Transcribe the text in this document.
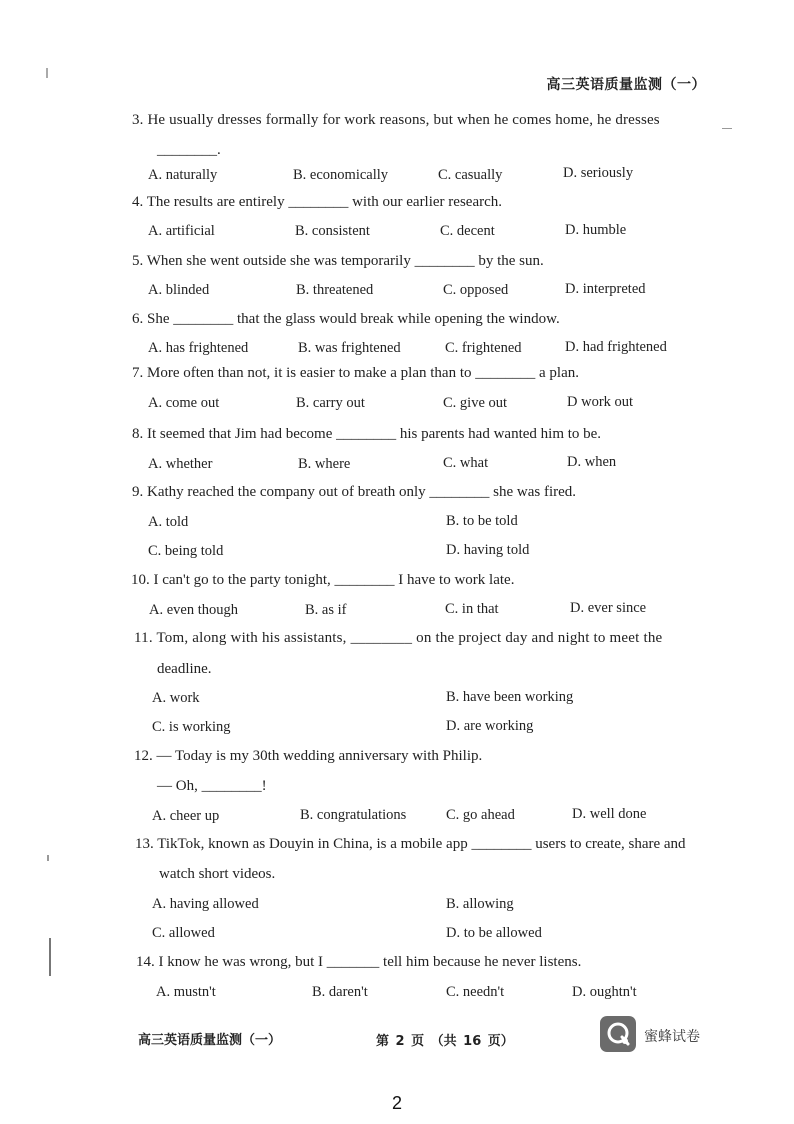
高三英语质量监测（一）
3. He usually dresses formally for work reasons, but when he comes home, he dresses
________.
A. naturally	B. economically	C. casually	D. seriously
4. The results are entirely ________ with our earlier research.
A. artificial	B. consistent	C. decent	D. humble
5. When she went outside she was temporarily ________ by the sun.
A. blinded	B. threatened	C. opposed	D. interpreted
6. She ________ that the glass would break while opening the window.
A. has frightened	B. was frightened	C. frightened	D. had frightened
7. More often than not, it is easier to make a plan than to ________ a plan.
A. come out	B. carry out	C. give out	D work out
8. It seemed that Jim had become ________ his parents had wanted him to be.
A. whether	B. where	C. what	D. when
9. Kathy reached the company out of breath only ________ she was fired.
A. told	B. to be told
C. being told	D. having told
10. I can't go to the party tonight, ________ I have to work late.
A. even though	B. as if	C. in that	D. ever since
11. Tom, along with his assistants, ________ on the project day and night to meet the
deadline.
A. work	B. have been working
C. is working	D. are working
12. — Today is my 30th wedding anniversary with Philip.
— Oh, ________!
A. cheer up	B. congratulations	C. go ahead	D. well done
13. TikTok, known as Douyin in China, is a mobile app ________ users to create, share and
watch short videos.
A. having allowed	B. allowing
C. allowed	D. to be allowed
14. I know he was wrong, but I _______ tell him because he never listens.
A. mustn't	B. daren't	C. needn't	D. oughtn't
高三英语质量监测（一）	第 2 页 （共 16 页）	蜜蜂试卷
2
